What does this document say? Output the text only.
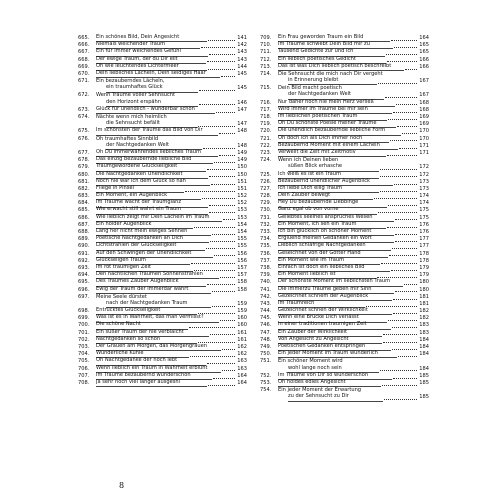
665.	Ein schönes Bild, Dein Angesicht	141
666.	Niemals weichender Traum	142
667.	Ein für immer weichendes Gefühl	143
668.	Der ewige Traum, der du Dir eilt	143
669.	Oh wie leuchtendes Lichtermeer	144
670.	Dein liebliches Lächeln, Dein seidiges Haar	145
671.	Ein bezauberndes Lächeln,
ein traumhaftes Glück	145
672.	Wenn Träume voller Sehnsucht
den Horizont erspähn	146
673.	Glück für unendlich - wunderbar schön	147
674.	Nächte wenn mich heimlich
die Sehnsucht befällt	147
675.	Im schönsten der Träume das Bild von Dir	148
676.	Oh traumhaftes Sinnbild
der Nachtgedanken Welt	148
677.	Oh Du immerwährendes liebliches Traum	149
678.	Das einzig bezaubernde liebliche Bild	149
679.	Traumgewordene Glückseligkeit	150
680.	Die Nachtgedanken Unendlichkeit	150
681.	Noch nie war ich dem Glück so nah	151
682.	Fliege in Pinsel	151
683.	Ein Moment, ein Augenblick	152
684.	Im Traume wacht der Traumglanz	152
685.	Wie erwacht still wahrt ein Traum	153
686.	Wie lieblich zeigt mir Dein Lächeln im Traum	153
687.	Ein holder Augenblick	154
688.	Lang her nicht mein ewiges Sehnen	154
689.	Poetische Nachtgedanken an Dich	155
690.	Lichtstrahlen der Glückseligkeit	155
691.	Auf den Schwingen der Unendlichkeit	156
692.	Glückseligen Traum	156
693.	Im rot traumigen Zeit	157
694.	Den nächtlichen Träumen Sonnenstrahlen	157
695.	Des Traumes Zauber Augenblick	158
696.	Ewig der Traum der immerdar währt	158
697.	Meine Seele dürstet
nach der Nachtgedanken Traum	159
698.	Entrücktes Glückseligkeit	159
699.	Was ist es in Wahrheit, das man vermisst?	160
700.	Die schöne Nacht	160
701.	Ein süßer Traum der nie verblaicht	161
702.	Nachtgedanken so schön	161
703.	Der Grauen am Morgen, das Morgengrauen	162
704.	Wunderliche Kühle	162
705.	Oh Nachtgedanke der noch lebt	163
706.	Wenn lieblich ein Traum in Wahrheit erblüht	163
707.	Im Traume bezaubernd wunderschön	164
708.	Ja sehr noch viel länger ausgeshi	164
709.	Ein Frau geworden Traum ein Bild	164
710.	Im Traume schwebt Dein Bild mir zu	165
711.	Tausend Gedichte zur und ich	165
712.	Ein lieblich poetisches Gedicht	166
713.	Das ist was Dich lieblich poetisch beschreibt	166
714.	Die Sehnsucht die mich nach Dir vergeht
in Erinnerung bleibt	167
715.	Dein Bild macht poetisch
der Nachtgedanken Welt	167
716.	Nur daher noch nie mein Herz verließ	168
717.	Wird immer im Traume bei mir sein	168
718.	Im lieblichen poetischen Traum	169
719.	Oh Du schönste Poesie meiner Träume	169
720.	Die unendlich bezaubernde liebliche Form	170
721.	Oh doch ich als Dich immer noch	170
722.	Bezaubernd Moment mit einem Lächeln	171
723.	Verweilt die Zeit mit Zeitmotiv	171
724.	Wenn ich Deinen lieben
süßen Blick erhasche	172
725.	Ich weiß es ist ein Traum	172
726.	Bezaubernd unendlicher Augenblick	173
727.	Ich liebe Dich eilig Traum	173
728.	Dein Zauber bewegt	174
729.	Hey Du bezaubernde Liebbinge	174
730.	Ganz egal ob von vorne	175
731.	Geliebtes seelhes ansprüches Wesen	175
732.	Ein Moment, ich seh ein Traum	176
733.	Ich bin glücklich oh schöner Moment	176
734.	Erglüend meinen Gedanken ein Wort	177
735.	Lieblich schläfrige Nachtgedanken	177
736.	Geseichnet von der Götter Hand	178
737.	Ein Moment wie im Traum	178
738.	Einfach ist doch ein liebliches Bild	179
739.	Ein Moment lieblich ist	179
740.	Der schönste Moment im lieblichsten Traum	180
741.	Die immerzu Träume geben mir Sinn	180
742.	Gezeichnet schnem der Augenblick	181
743.	Im Traumreich	181
744.	Gezeichnet schnen der Wirklichkeit	182
745.	Wenn eine Brücke Dich verlässt	182
746.	In einer traditionen traumigen Zeit	183
747.	Ein Zauber der Wirklichkeit	183
748.	Von Angesicht zu Angesicht	184
749.	Poetischen Gedanken entspringen	184
750.	Ein jeder Moment im Traum wunderlich	184
751.	Ein schöner Moment wird
wohl lange noch sein	184
752.	Im Traume von Dir so wunderschön	185
753.	Oh holdes edles Angesicht	185
754.	Ein jeder Moment der Erwartung
zu der Sehnsucht zu Dir	185
8
